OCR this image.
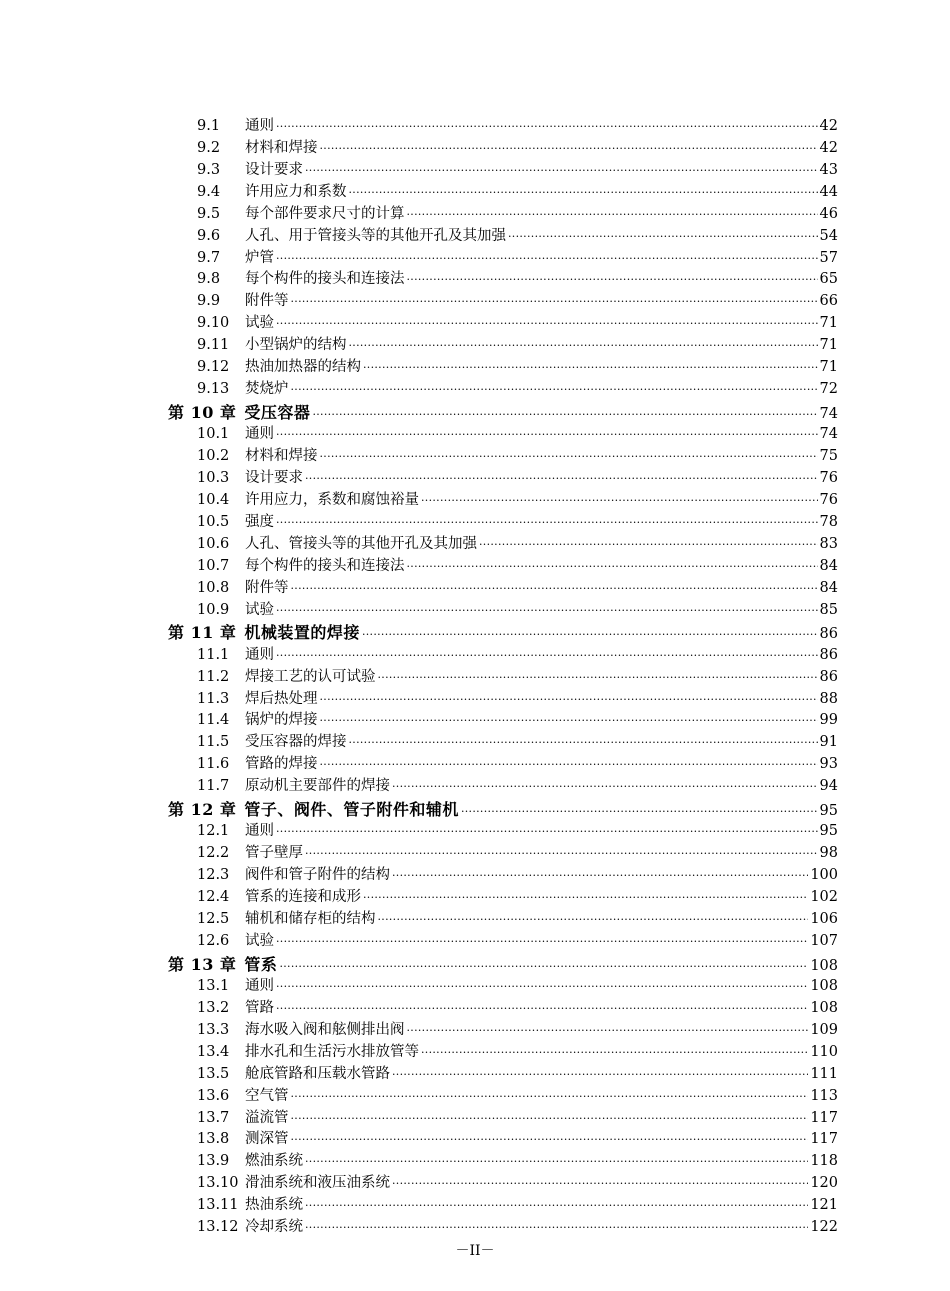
9.1 通则 ·····	42
9.2 材料和焊接 ·····	42
9.3 设计要求 ·····	43
9.4 许用应力和系数 ·····	44
9.5 每个部件要求尺寸的计算 ·····	46
9.6 人孔、用于管接头等的其他开孔及其加强 ·····	54
9.7 炉管 ·····	57
9.8 每个构件的接头和连接法 ·····	65
9.9 附件等 ·····	66
9.10 试验 ·····	71
9.11 小型锅炉的结构 ·····	71
9.12 热油加热器的结构 ·····	71
9.13 焚烧炉 ·····	72
第 10 章 受压容器 ·····	74
10.1 通则 ·····	74
10.2 材料和焊接 ·····	75
10.3 设计要求 ·····	76
10.4 许用应力，系数和腐蚀裕量 ·····	76
10.5 强度 ·····	78
10.6 人孔、管接头等的其他开孔及其加强 ·····	83
10.7 每个构件的接头和连接法 ·····	84
10.8 附件等 ·····	84
10.9 试验 ·····	85
第 11 章 机械装置的焊接 ·····	86
11.1 通则 ·····	86
11.2 焊接工艺的认可试验 ·····	86
11.3 焊后热处理 ·····	88
11.4 锅炉的焊接 ·····	99
11.5 受压容器的焊接 ·····	91
11.6 管路的焊接 ·····	93
11.7 原动机主要部件的焊接 ·····	94
第 12 章 管子、阀件、管子附件和辅机 ·····	95
12.1 通则 ·····	95
12.2 管子壁厚 ·····	98
12.3 阀件和管子附件的结构 ·····	100
12.4 管系的连接和成形 ·····	102
12.5 辅机和储存柜的结构 ·····	106
12.6 试验 ·····	107
第 13 章 管系 ·····	108
13.1 通则 ·····	108
13.2 管路 ·····	108
13.3 海水吸入阀和舷侧排出阀 ·····	109
13.4 排水孔和生活污水排放管等 ·····	110
13.5 舱底管路和压载水管路 ·····	111
13.6 空气管 ·····	113
13.7 溢流管 ·····	117
13.8 测深管 ·····	117
13.9 燃油系统 ·····	118
13.10 滑油系统和液压油系统 ·····	120
13.11 热油系统 ·····	121
13.12 冷却系统 ·····	122
－II－
